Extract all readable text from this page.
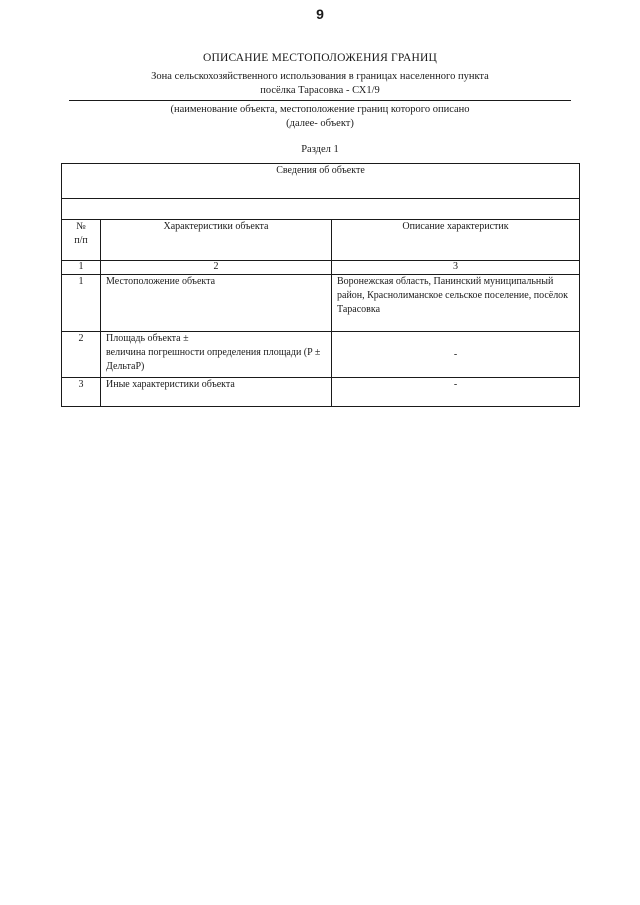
9
ОПИСАНИЕ МЕСТОПОЛОЖЕНИЯ ГРАНИЦ
Зона сельскохозяйственного использования в границах населенного пункта
посёлка Тарасовка - СХ1/9
(наименование объекта, местоположение границ которого описано
(далее- объект)
Раздел 1
Сведения об объекте		

№
п/п	Характеристики объекта	Описание характеристик
1	2	3
1	Местоположение объекта	Воронежская область, Панинский муниципальный район, Краснолиманское сельское поселение, посёлок Тарасовка
2	Площадь объекта ±
величина погрешности определения площади (P ± ДельтаP)	-
3	Иные характеристики объекта	-
